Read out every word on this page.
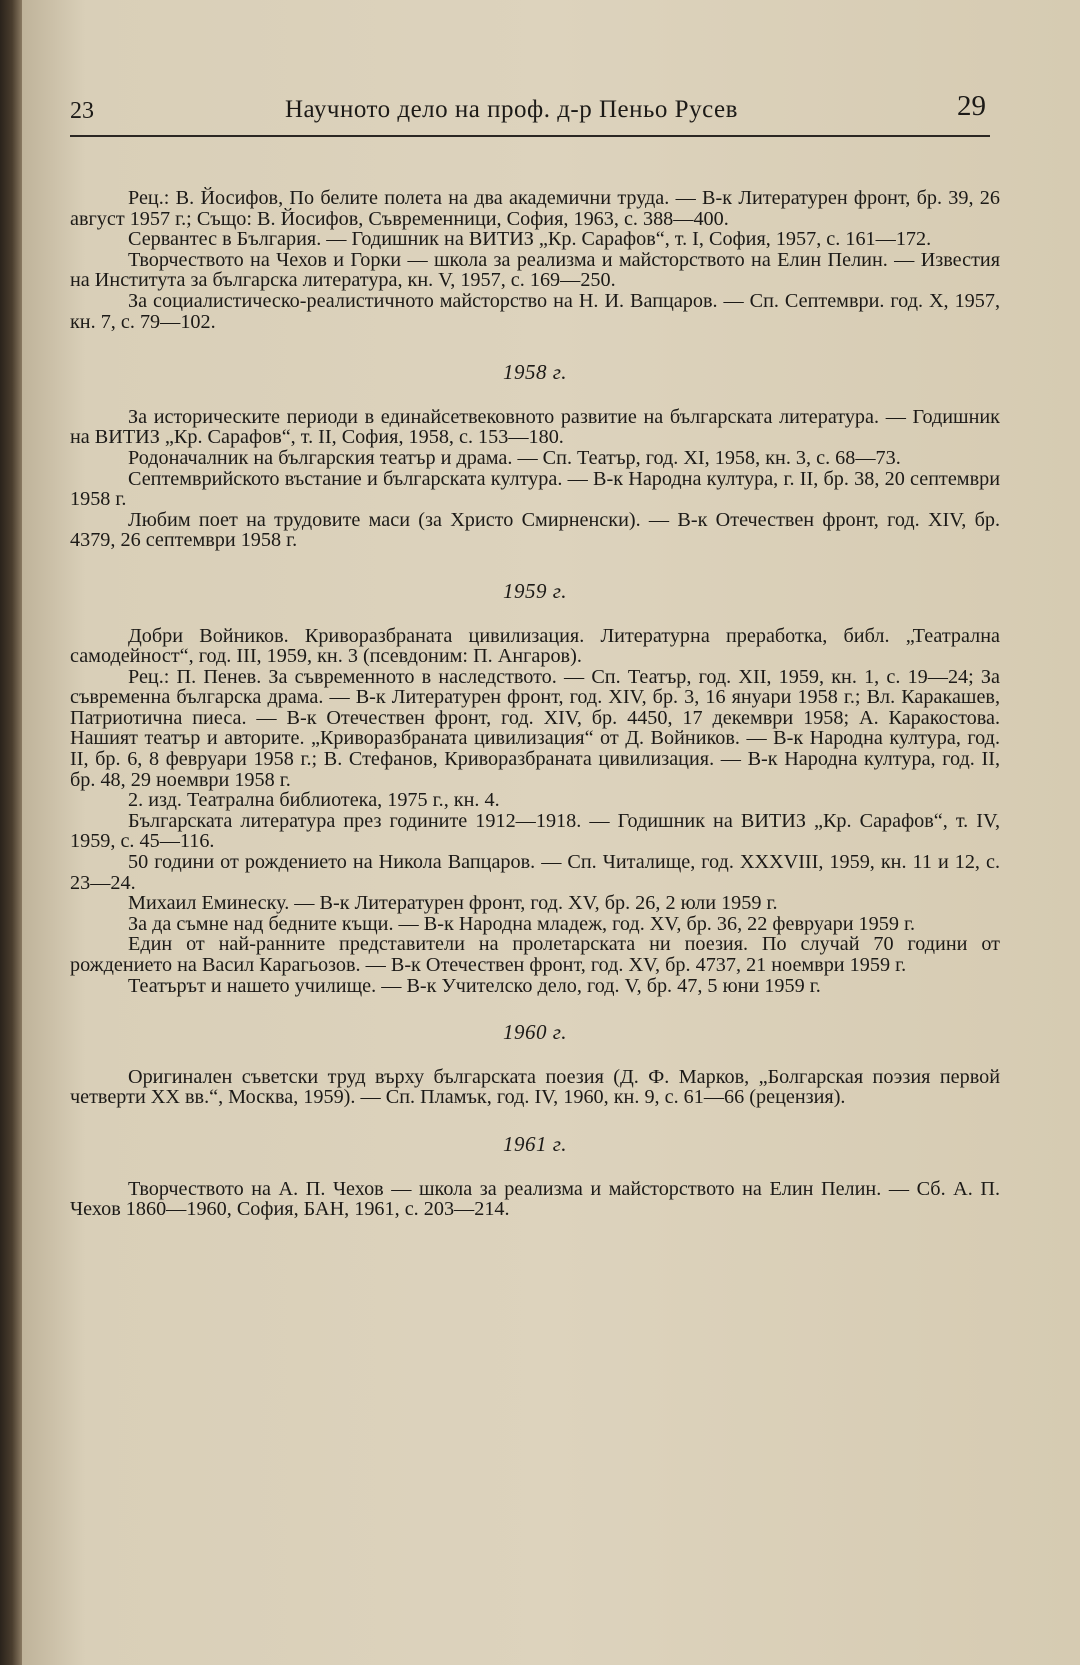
23	Научното дело на проф. д-р Пеньо Русев	29

Рец.: В. Йосифов, По белите полета на два академични труда. — В-к Литературен фронт, бр. 39, 26 август 1957 г.; Също: В. Йосифов, Съвременници, София, 1963, с. 388—400.

Сервантес в България. — Годишник на ВИТИЗ „Кр. Сарафов“, т. I, София, 1957, с. 161—172.

Творчеството на Чехов и Горки — школа за реализма и майсторството на Елин Пелин. — Известия на Института за българска литература, кн. V, 1957, с. 169—250.

За социалистическо-реалистичното майсторство на Н. И. Вапцаров. — Сп. Септември. год. X, 1957, кн. 7, с. 79—102.

1958 г.

За историческите периоди в единайсетвековното развитие на българската литература. — Годишник на ВИТИЗ „Кр. Сарафов“, т. II, София, 1958, с. 153—180.

Родоначалник на българския театър и драма. — Сп. Театър, год. XI, 1958, кн. 3, с. 68—73.

Септемврийското въстание и българската култура. — В-к Народна култура, г. II, бр. 38, 20 септември 1958 г.

Любим поет на трудовите маси (за Христо Смирненски). — В-к Отечествен фронт, год. XIV, бр. 4379, 26 септември 1958 г.

1959 г.

Добри Войников. Криворазбраната цивилизация. Литературна преработка, библ. „Театрална самодейност“, год. III, 1959, кн. 3 (псевдоним: П. Ангаров).

Рец.: П. Пенев. За съвременното в наследството. — Сп. Театър, год. XII, 1959, кн. 1, с. 19—24; За съвременна българска драма. — В-к Литературен фронт, год. XIV, бр. 3, 16 януари 1958 г.; Вл. Каракашев, Патриотична пиеса. — В-к Отечествен фронт, год. XIV, бр. 4450, 17 декември 1958; А. Каракостова. Нашият театър и авторите. „Криворазбраната цивилизация“ от Д. Войников. — В-к Народна култура, год. II, бр. 6, 8 февруари 1958 г.; В. Стефанов, Криворазбраната цивилизация. — В-к Народна култура, год. II, бр. 48, 29 ноември 1958 г.

2. изд. Театрална библиотека, 1975 г., кн. 4.

Българската литература през годините 1912—1918. — Годишник на ВИТИЗ „Кр. Сарафов“, т. IV, 1959, с. 45—116.

50 години от рождението на Никола Вапцаров. — Сп. Читалище, год. XXXVIII, 1959, кн. 11 и 12, с. 23—24.

Михаил Еминеску. — В-к Литературен фронт, год. XV, бр. 26, 2 юли 1959 г.

За да съмне над бедните къщи. — В-к Народна младеж, год. XV, бр. 36, 22 февруари 1959 г.

Един от най-ранните представители на пролетарската ни поезия. По случай 70 години от рождението на Васил Карагьозов. — В-к Отечествен фронт, год. XV, бр. 4737, 21 ноември 1959 г.

Театърът и нашето училище. — В-к Учителско дело, год. V, бр. 47, 5 юни 1959 г.

1960 г.

Оригинален съветски труд върху българската поезия (Д. Ф. Марков, „Болгарская поэзия первой четверти XX вв.“, Москва, 1959). — Сп. Пламък, год. IV, 1960, кн. 9, с. 61—66 (рецензия).

1961 г.

Творчеството на А. П. Чехов — школа за реализма и майсторството на Елин Пелин. — Сб. А. П. Чехов 1860—1960, София, БАН, 1961, с. 203—214.
